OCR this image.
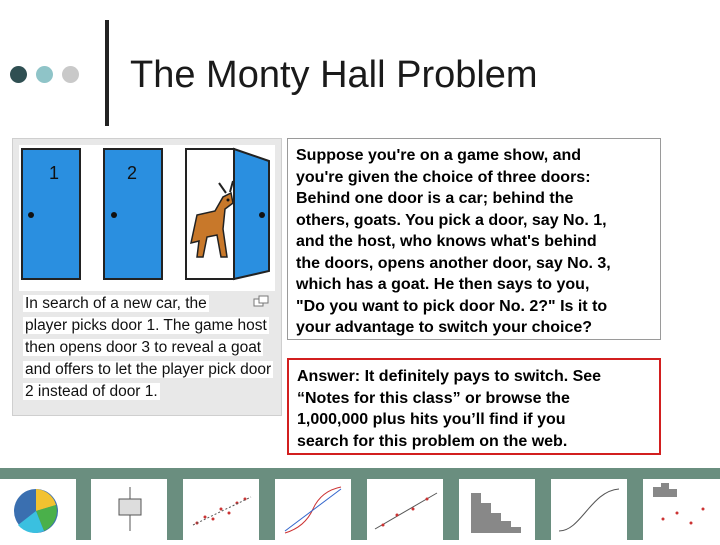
The Monty Hall Problem
1	2
In search of a new car, the
player picks door 1. The game host
then opens door 3 to reveal a goat
and offers to let the player pick door
2 instead of door 1.
Suppose you're on a game show, and
you're given the choice of three doors:
Behind one door is a car; behind the
others, goats. You pick a door, say No. 1,
and the host, who knows what's behind
the doors, opens another door, say No. 3,
which has a goat. He then says to you,
"Do you want to pick door No. 2?" Is it to
your advantage to switch your choice?
Answer: It definitely pays to switch. See
“Notes for this class” or browse the
1,000,000 plus hits you’ll find if you
search for this problem on the web.
